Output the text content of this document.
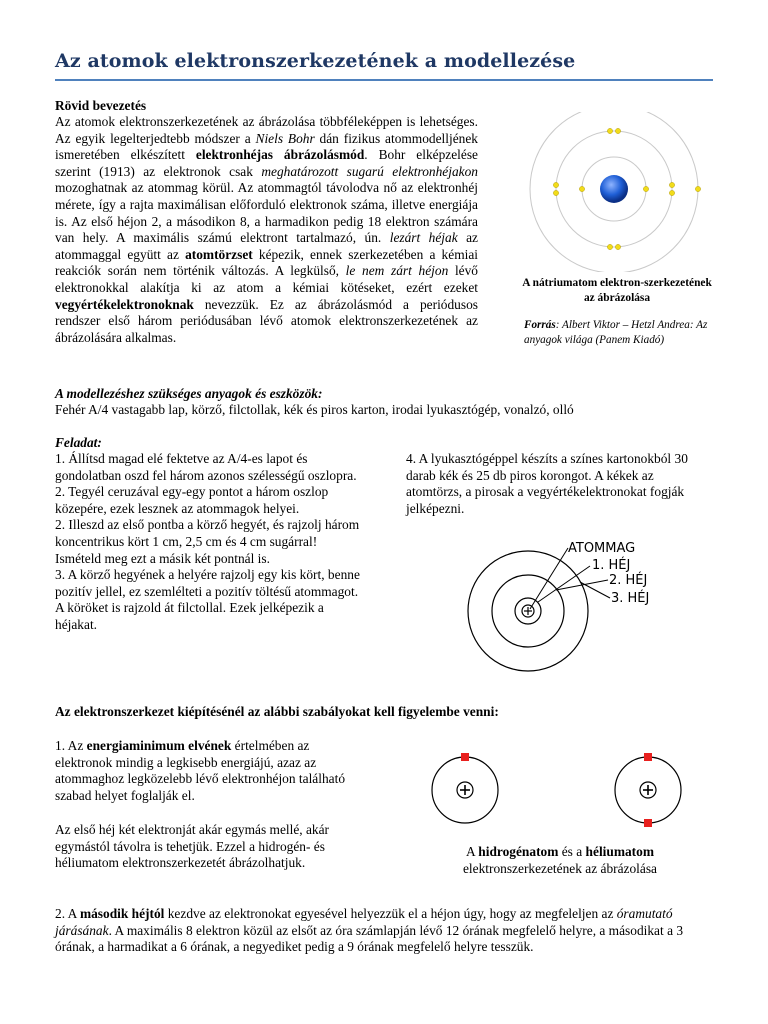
Az atomok elektronszerkezetének a modellezése
Rövid bevezetés
Az atomok elektronszerkezetének az ábrázolása többféleképpen is lehetséges. Az egyik legelterjedtebb módszer a Niels Bohr dán fizikus atommodelljének ismeretében elkészített elektronhéjas ábrázolásmód. Bohr elképzelése szerint (1913) az elektronok csak meghatározott sugarú elektronhéjakon mozoghatnak az atommag körül. Az atommagtól távolodva nő az elektronhéj mérete, így a rajta maximálisan előforduló elektronok száma, illetve energiája is. Az első héjon 2, a másodikon 8, a harmadikon pedig 18 elektron számára van hely. A maximális számú elektront tartalmazó, ún. lezárt héjak az atommaggal együtt az atomtörzset képezik, ennek szerkezetében a kémiai reakciók során nem történik változás. A legkülső, le nem zárt héjon lévő elektronokkal alakítja ki az atom a kémiai kötéseket, ezért ezeket vegyértékelektronoknak nevezzük. Ez az ábrázolásmód a periódusos rendszer első három periódusában lévő atomok elektronszerkezetének az ábrázolására alkalmas.
A nátriumatom elektron-szerkezetének az ábrázolása
Forrás: Albert Viktor – Hetzl Andrea: Az anyagok világa (Panem Kiadó)
A modellezéshez szükséges anyagok és eszközök:
Fehér A/4 vastagabb lap, körző, filctollak, kék és piros karton, irodai lyukasztógép, vonalzó, olló
Feladat:
1. Állítsd magad elé fektetve az A/4-es lapot és gondolatban oszd fel három azonos szélességű oszlopra.
2. Tegyél ceruzával egy-egy pontot a három oszlop közepére, ezek lesznek az atommagok helyei.
2. Illeszd az első pontba a körző hegyét, és rajzolj három koncentrikus kört 1 cm, 2,5 cm és 4 cm sugárral! Ismételd meg ezt a másik két pontnál is.
3. A körző hegyének a helyére rajzolj egy kis kört, benne pozitív jellel, ez szemlélteti a pozitív töltésű atommagot. A köröket is rajzold át filctollal. Ezek jelképezik a héjakat.
4. A lyukasztógéppel készíts a színes kartonokból 30 darab kék és 25 db piros korongot. A kékek az atomtörzs, a pirosak a vegyértékelektronokat fogják jelképezni.
ATOMMAG
1. HÉJ
2. HÉJ
3. HÉJ
Az elektronszerkezet kiépítésénél az alábbi szabályokat kell figyelembe venni:
1. Az energiaminimum elvének értelmében az elektronok mindig a legkisebb energiájú, azaz az atommaghoz legközelebb lévő elektronhéjon található szabad helyet foglalják el.
Az első héj két elektronját akár egymás mellé, akár egymástól távolra is tehetjük. Ezzel a hidrogén- és héliumatom elektronszerkezetét ábrázolhatjuk.
A hidrogénatom és a héliumatom
elektronszerkezetének az ábrázolása
2. A második héjtól kezdve az elektronokat egyesével helyezzük el a héjon úgy, hogy az megfeleljen az óramutató járásának. A maximális 8 elektron közül az elsőt az óra számlapján lévő 12 órának megfelelő helyre, a másodikat a 3 órának, a harmadikat a 6 órának, a negyediket pedig a 9 órának megfelelő helyre tesszük.
